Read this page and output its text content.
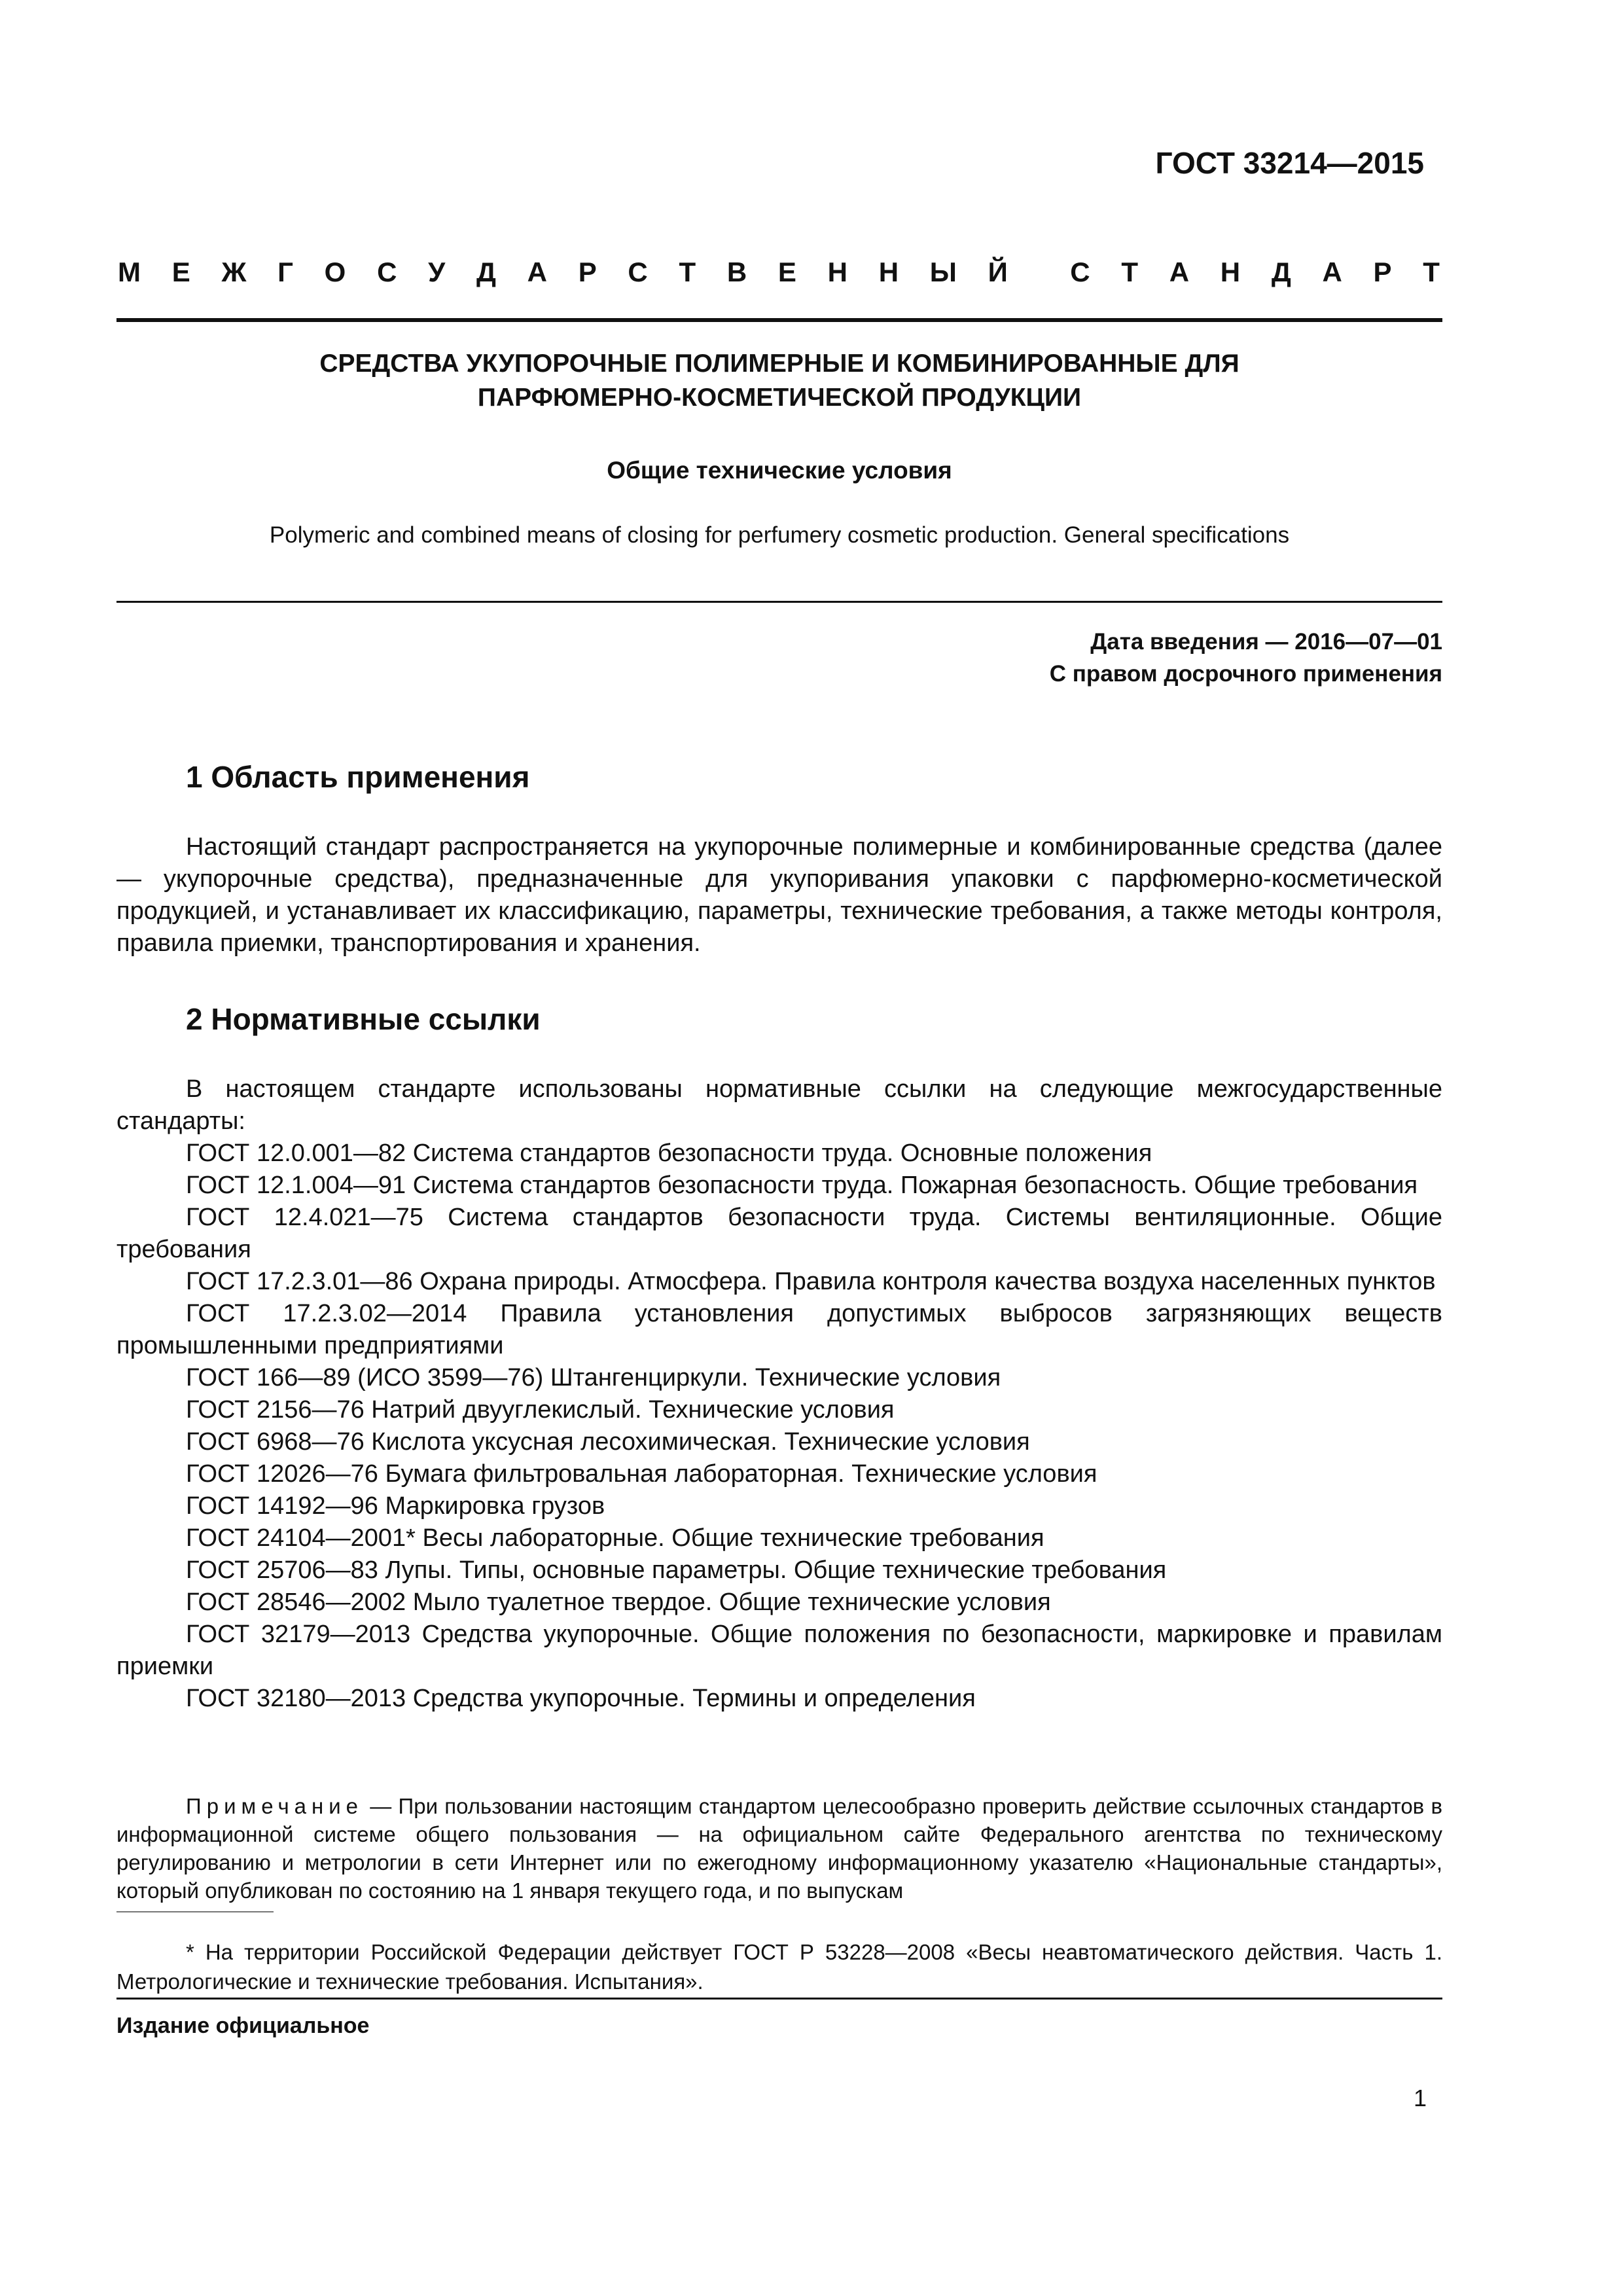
ГОСТ 33214—2015
М Е Ж Г О С У Д А Р С Т В Е Н Н Ы Й С Т А Н Д А Р Т
СРЕДСТВА УКУПОРОЧНЫЕ ПОЛИМЕРНЫЕ И КОМБИНИРОВАННЫЕ ДЛЯ
ПАРФЮМЕРНО-КОСМЕТИЧЕСКОЙ ПРОДУКЦИИ
Общие технические условия
Polymeric and combined means of closing for perfumery cosmetic production. General specifications
Дата введения — 2016—07—01
С правом досрочного применения
1 Область применения

Настоящий стандарт распространяется на укупорочные полимерные и комбинированные средства (далее — укупорочные средства), предназначенные для укупоривания упаковки с парфюмерно-косметической продукцией, и устанавливает их классификацию, параметры, технические требования, а также методы контроля, правила приемки, транспортирования и хранения.

2 Нормативные ссылки
В настоящем стандарте использованы нормативные ссылки на следующие межгосударственные стандарты:
ГОСТ 12.0.001—82 Система стандартов безопасности труда. Основные положения
ГОСТ 12.1.004—91 Система стандартов безопасности труда. Пожарная безопасность. Общие требования
ГОСТ 12.4.021—75 Система стандартов безопасности труда. Системы вентиляционные. Общие требования
ГОСТ 17.2.3.01—86 Охрана природы. Атмосфера. Правила контроля качества воздуха населенных пунктов
ГОСТ 17.2.3.02—2014 Правила установления допустимых выбросов загрязняющих веществ промышленными предприятиями
ГОСТ 166—89 (ИСО 3599—76) Штангенциркули. Технические условия
ГОСТ 2156—76 Натрий двууглекислый. Технические условия
ГОСТ 6968—76 Кислота уксусная лесохимическая. Технические условия
ГОСТ 12026—76 Бумага фильтровальная лабораторная. Технические условия
ГОСТ 14192—96 Маркировка грузов
ГОСТ 24104—2001* Весы лабораторные. Общие технические требования
ГОСТ 25706—83 Лупы. Типы, основные параметры. Общие технические требования
ГОСТ 28546—2002 Мыло туалетное твердое. Общие технические условия
ГОСТ 32179—2013 Средства укупорочные. Общие положения по безопасности, маркировке и правилам приемки
ГОСТ 32180—2013 Средства укупорочные. Термины и определения
Примечание — При пользовании настоящим стандартом целесообразно проверить действие ссылочных стандартов в информационной системе общего пользования — на официальном сайте Федерального агентства по техническому регулированию и метрологии в сети Интернет или по ежегодному информационному указателю «Национальные стандарты», который опубликован по состоянию на 1 января текущего года, и по выпускам
* На территории Российской Федерации действует ГОСТ Р 53228—2008 «Весы неавтоматического действия. Часть 1. Метрологические и технические требования. Испытания».
Издание официальное
1
